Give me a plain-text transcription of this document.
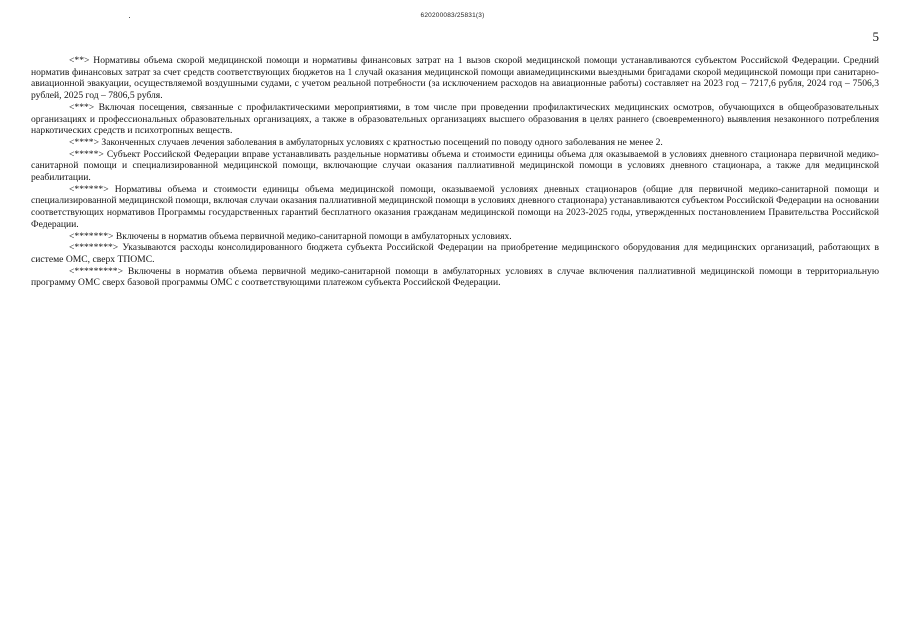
620200083/25831(3)
5

<**> Нормативы объема скорой медицинской помощи и нормативы финансовых затрат на 1 вызов скорой медицинской помощи устанавливаются субъектом Российской Федерации. Средний норматив финансовых затрат за счет средств соответствующих бюджетов на 1 случай оказания медицинской помощи авиамедицинскими выездными бригадами скорой медицинской помощи при санитарно-авиационной эвакуации, осуществляемой воздушными судами, с учетом реальной потребности (за исключением расходов на авиационные работы) составляет на 2023 год – 7217,6 рубля, 2024 год – 7506,3 рублей, 2025 год – 7806,5 рубля.

<***> Включая посещения, связанные с профилактическими мероприятиями, в том числе при проведении профилактических медицинских осмотров, обучающихся в общеобразовательных организациях и профессиональных образовательных организациях, а также в образовательных организациях высшего образования в целях раннего (своевременного) выявления незаконного потребления наркотических средств и психотропных веществ.

<****> Законченных случаев лечения заболевания в амбулаторных условиях с кратностью посещений по поводу одного заболевания не менее 2.

<*****> Субъект Российской Федерации вправе устанавливать раздельные нормативы объема и стоимости единицы объема для оказываемой в условиях дневного стационара первичной медико-санитарной помощи и специализированной медицинской помощи, включающие случаи оказания паллиативной медицинской помощи в условиях дневного стационара, а также для медицинской реабилитации.

<******> Нормативы объема и стоимости единицы объема медицинской помощи, оказываемой условиях дневных стационаров (общие для первичной медико-санитарной помощи и специализированной медицинской помощи, включая случаи оказания паллиативной медицинской помощи в условиях дневного стационара) устанавливаются субъектом Российской Федерации на основании соответствующих нормативов Программы государственных гарантий бесплатного оказания гражданам медицинской помощи на 2023-2025 годы, утвержденных постановлением Правительства Российской Федерации.

<*******> Включены в норматив объема первичной медико-санитарной помощи в амбулаторных условиях.

<********> Указываются расходы консолидированного бюджета субъекта Российской Федерации на приобретение медицинского оборудования для медицинских организаций, работающих в системе ОМС, сверх ТПОМС.

<*********> Включены в норматив объема первичной медико-санитарной помощи в амбулаторных условиях в случае включения паллиативной медицинской помощи в территориальную программу ОМС сверх базовой программы ОМС с соответствующими платежом субъекта Российской Федерации.
